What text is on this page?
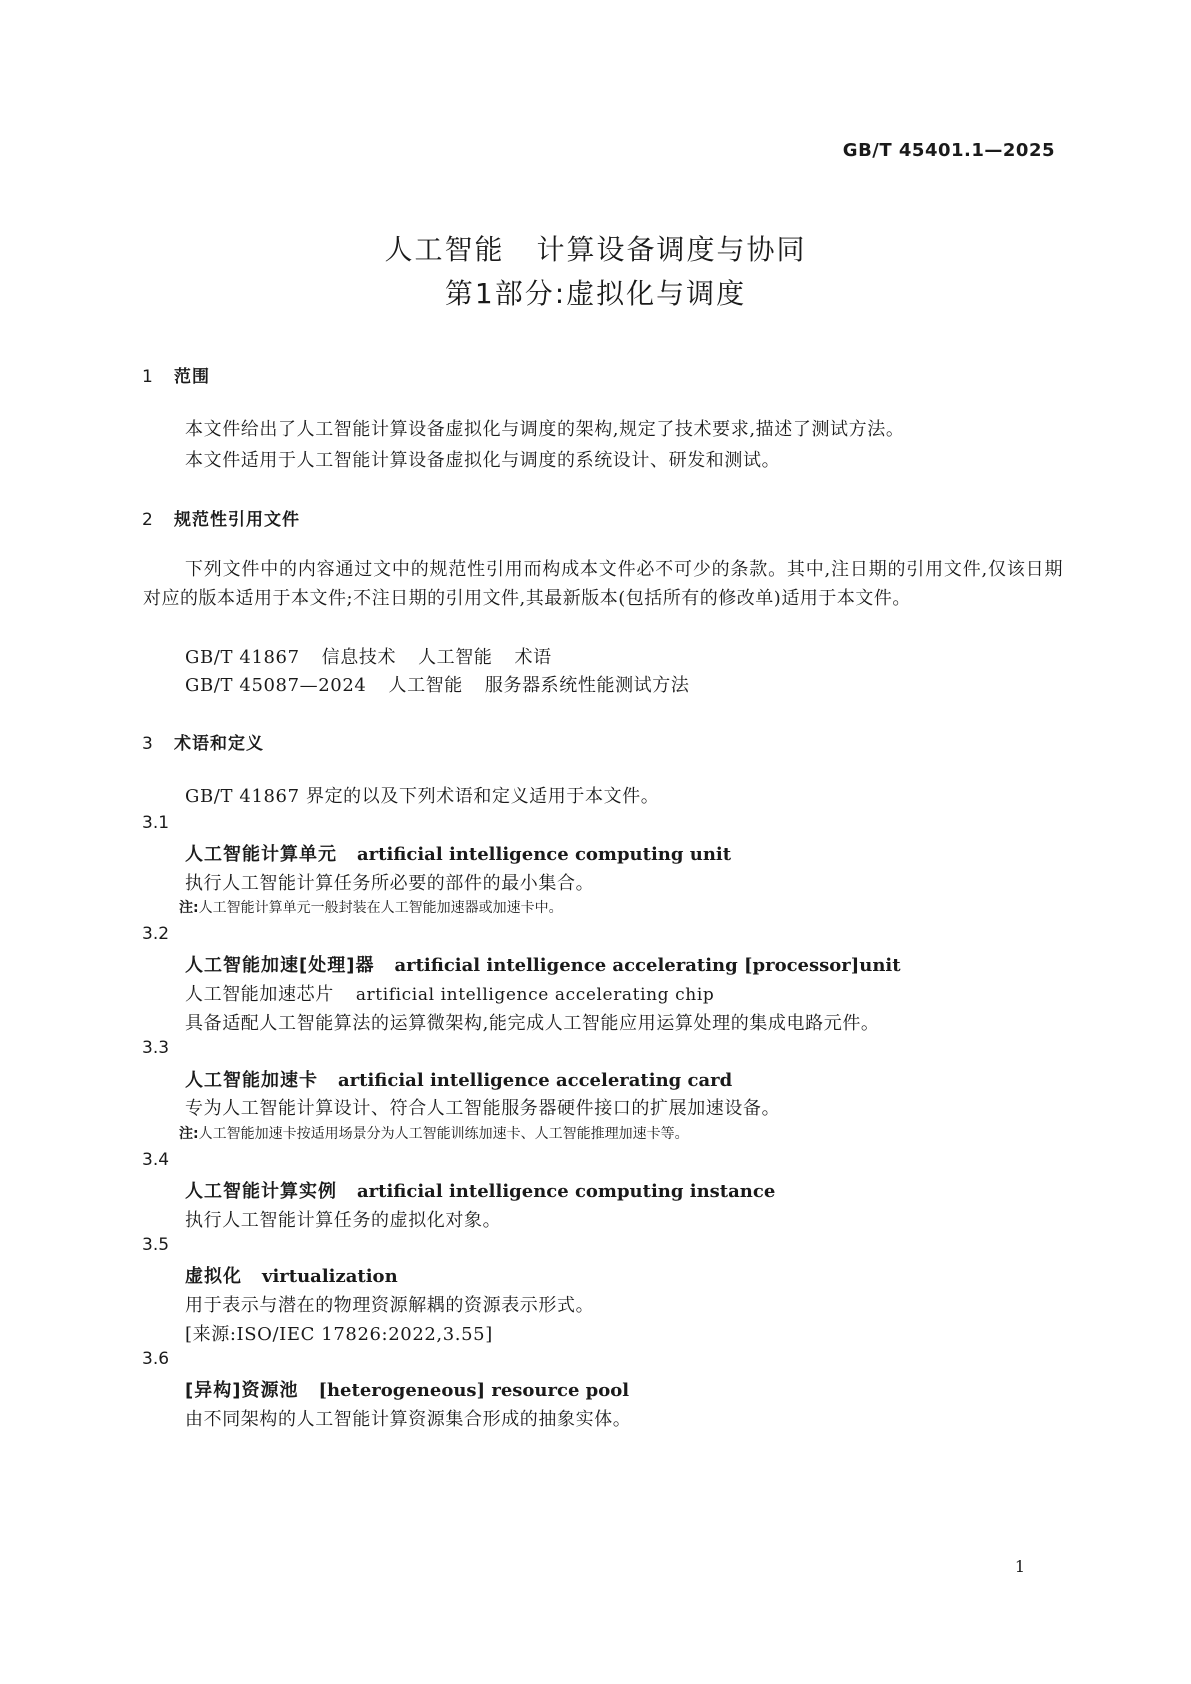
GB/T 45401.1—2025
人工智能 计算设备调度与协同
第1部分:虚拟化与调度
1 范围
本文件给出了人工智能计算设备虚拟化与调度的架构,规定了技术要求,描述了测试方法。
本文件适用于人工智能计算设备虚拟化与调度的系统设计、研发和测试。
2 规范性引用文件
下列文件中的内容通过文中的规范性引用而构成本文件必不可少的条款。其中,注日期的引用文件,仅该日期对应的版本适用于本文件;不注日期的引用文件,其最新版本(包括所有的修改单)适用于本文件。
GB/T 41867 信息技术 人工智能 术语
GB/T 45087—2024 人工智能 服务器系统性能测试方法
3 术语和定义
GB/T 41867 界定的以及下列术语和定义适用于本文件。
3.1
人工智能计算单元 artificial intelligence computing unit
执行人工智能计算任务所必要的部件的最小集合。
注:人工智能计算单元一般封装在人工智能加速器或加速卡中。
3.2
人工智能加速[处理]器 artificial intelligence accelerating [processor]unit
人工智能加速芯片 artificial intelligence accelerating chip
具备适配人工智能算法的运算微架构,能完成人工智能应用运算处理的集成电路元件。
3.3
人工智能加速卡 artificial intelligence accelerating card
专为人工智能计算设计、符合人工智能服务器硬件接口的扩展加速设备。
注:人工智能加速卡按适用场景分为人工智能训练加速卡、人工智能推理加速卡等。
3.4
人工智能计算实例 artificial intelligence computing instance
执行人工智能计算任务的虚拟化对象。
3.5
虚拟化 virtualization
用于表示与潜在的物理资源解耦的资源表示形式。
[来源:ISO/IEC 17826:2022,3.55]
3.6
[异构]资源池 [heterogeneous] resource pool
由不同架构的人工智能计算资源集合形成的抽象实体。
1
